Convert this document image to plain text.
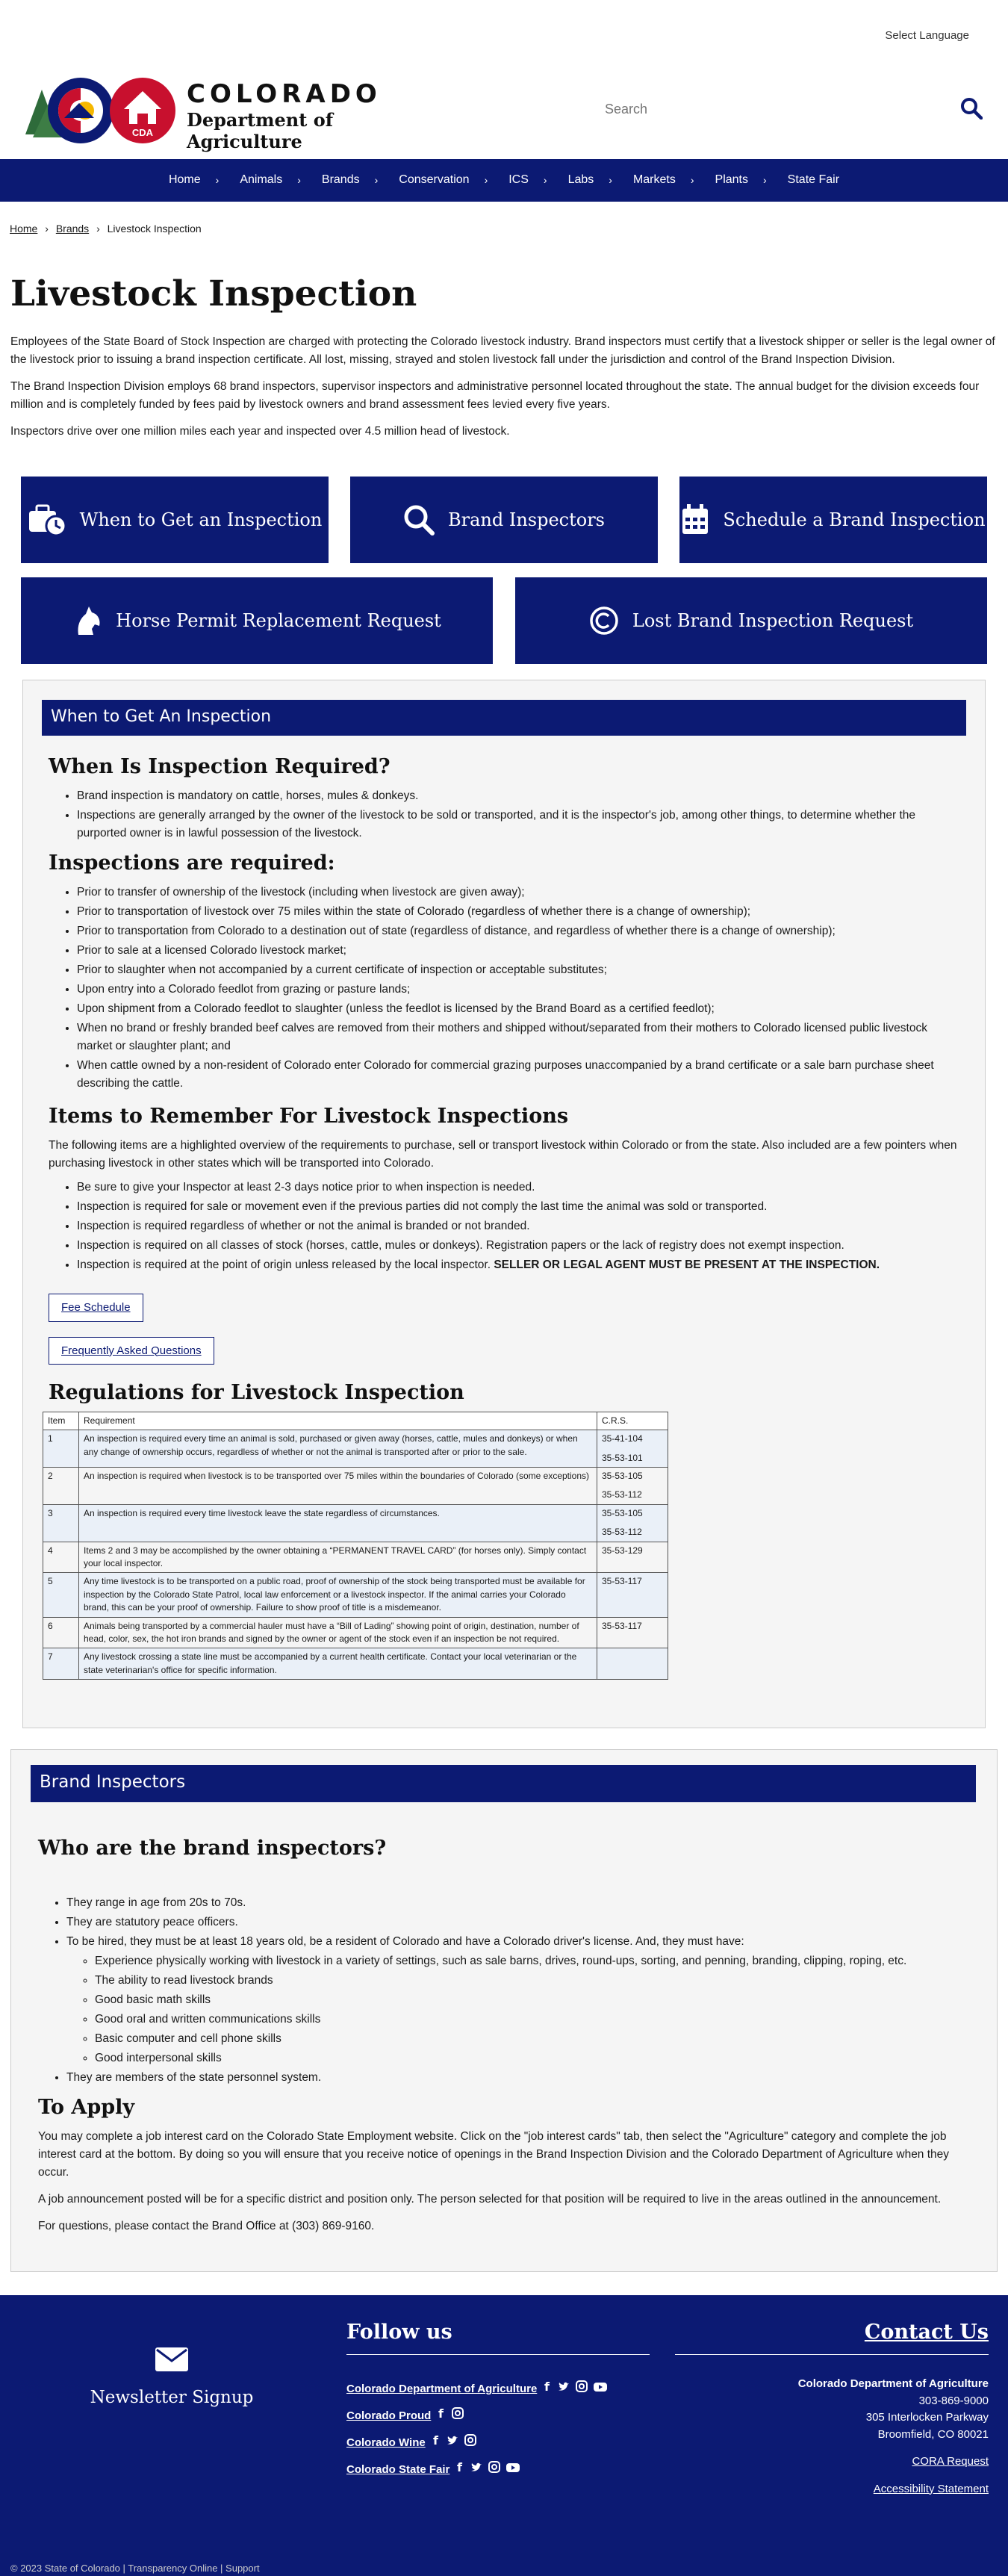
Select Language
CDA
COLORADO
Department of Agriculture
Search
Home › Animals › Brands › Conservation › ICS › Labs › Markets › Plants › State Fair
Home › Brands › Livestock Inspection
Livestock Inspection

Employees of the State Board of Stock Inspection are charged with protecting the Colorado livestock industry. Brand inspectors must certify that a livestock shipper or seller is the legal owner of the livestock prior to issuing a brand inspection certificate. All lost, missing, strayed and stolen livestock fall under the jurisdiction and control of the Brand Inspection Division.

The Brand Inspection Division employs 68 brand inspectors, supervisor inspectors and administrative personnel located throughout the state. The annual budget for the division exceeds four million and is completely funded by fees paid by livestock owners and brand assessment fees levied every five years.

Inspectors drive over one million miles each year and inspected over 4.5 million head of livestock.

When to Get an Inspection	Brand Inspectors	Schedule a Brand Inspection
Horse Permit Replacement Request	Lost Brand Inspection Request
When to Get An Inspection
When Is Inspection Required?
• Brand inspection is mandatory on cattle, horses, mules & donkeys.
• Inspections are generally arranged by the owner of the livestock to be sold or transported, and it is the inspector's job, among other things, to determine whether the purported owner is in lawful possession of the livestock.
Inspections are required:
• Prior to transfer of ownership of the livestock (including when livestock are given away);
• Prior to transportation of livestock over 75 miles within the state of Colorado (regardless of whether there is a change of ownership);
• Prior to transportation from Colorado to a destination out of state (regardless of distance, and regardless of whether there is a change of ownership);
• Prior to sale at a licensed Colorado livestock market;
• Prior to slaughter when not accompanied by a current certificate of inspection or acceptable substitutes;
• Upon entry into a Colorado feedlot from grazing or pasture lands;
• Upon shipment from a Colorado feedlot to slaughter (unless the feedlot is licensed by the Brand Board as a certified feedlot);
• When no brand or freshly branded beef calves are removed from their mothers and shipped without/separated from their mothers to Colorado licensed public livestock market or slaughter plant; and
• When cattle owned by a non-resident of Colorado enter Colorado for commercial grazing purposes unaccompanied by a brand certificate or a sale barn purchase sheet describing the cattle.
Items to Remember For Livestock Inspections

The following items are a highlighted overview of the requirements to purchase, sell or transport livestock within Colorado or from the state. Also included are a few pointers when purchasing livestock in other states which will be transported into Colorado.

• Be sure to give your Inspector at least 2-3 days notice prior to when inspection is needed.
• Inspection is required for sale or movement even if the previous parties did not comply the last time the animal was sold or transported.
• Inspection is required regardless of whether or not the animal is branded or not branded.
• Inspection is required on all classes of stock (horses, cattle, mules or donkeys). Registration papers or the lack of registry does not exempt inspection.
• Inspection is required at the point of origin unless released by the local inspector. SELLER OR LEGAL AGENT MUST BE PRESENT AT THE INSPECTION.
Fee Schedule
Frequently Asked Questions
Regulations for Livestock Inspection
Item	Requirement	C.R.S.
1	An inspection is required every time an animal is sold, purchased or given away (horses, cattle, mules and donkeys) or when any change of ownership occurs, regardless of whether or not the animal is transported after or prior to the sale.	35-41-104
35-53-101

2	An inspection is required when livestock is to be transported over 75 miles within the boundaries of Colorado (some exceptions)	35-53-105
35-53-112

3	An inspection is required every time livestock leave the state regardless of circumstances.	35-53-105
35-53-112

4	Items 2 and 3 may be accomplished by the owner obtaining a “PERMANENT TRAVEL CARD” (for horses only). Simply contact your local inspector.	35-53-129

5	Any time livestock is to be transported on a public road, proof of ownership of the stock being transported must be available for inspection by the Colorado State Patrol, local law enforcement or a livestock inspector. If the animal carries your Colorado brand, this can be your proof of ownership. Failure to show proof of title is a misdemeanor.	35-53-117

6	Animals being transported by a commercial hauler must have a “Bill of Lading” showing point of origin, destination, number of head, color, sex, the hot iron brands and signed by the owner or agent of the stock even if an inspection be not required.	35-53-117

7	Any livestock crossing a state line must be accompanied by a current health certificate. Contact your local veterinarian or the state veterinarian's office for specific information.	
Brand Inspectors
Who are the brand inspectors?
• They range in age from 20s to 70s.
• They are statutory peace officers.
• To be hired, they must be at least 18 years old, be a resident of Colorado and have a Colorado driver's license. And, they must have:
◦ Experience physically working with livestock in a variety of settings, such as sale barns, drives, round-ups, sorting, and penning, branding, clipping, roping, etc.
◦ The ability to read livestock brands
◦ Good basic math skills
◦ Good oral and written communications skills
◦ Basic computer and cell phone skills
◦ Good interpersonal skills
• They are members of the state personnel system.
To Apply

You may complete a job interest card on the Colorado State Employment website. Click on the "job interest cards" tab, then select the "Agriculture" category and complete the job interest card at the bottom. By doing so you will ensure that you receive notice of openings in the Brand Inspection Division and the Colorado Department of Agriculture when they occur.

A job announcement posted will be for a specific district and position only. The person selected for that position will be required to live in the areas outlined in the announcement.

For questions, please contact the Brand Office at (303) 869-9160.

Newsletter Signup
Follow us
Colorado Department of Agriculture f
Colorado Proud f
Colorado Wine f
Colorado State Fair f
Contact Us
Colorado Department of Agriculture
303-869-9000
305 Interlocken Parkway
Broomfield, CO 80021
CORA Request
Accessibility Statement
© 2023 State of Colorado | Transparency Online | Support
